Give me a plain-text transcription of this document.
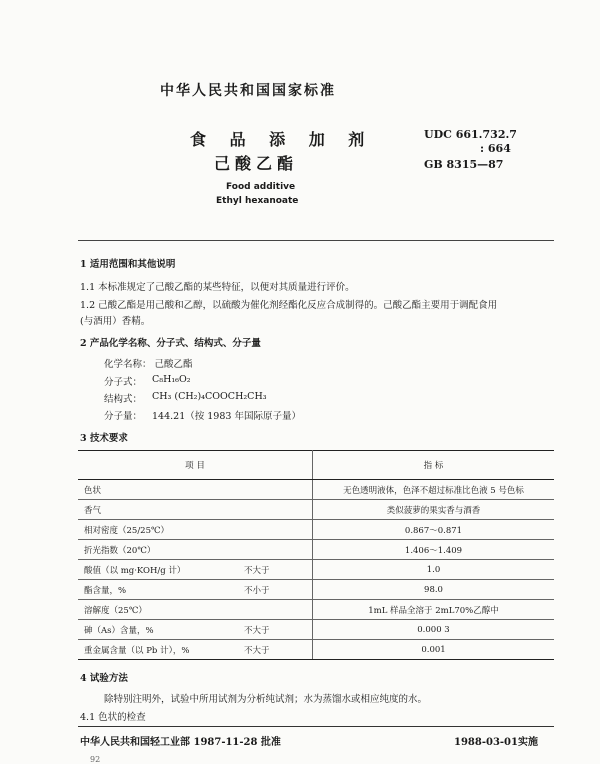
中华人民共和国国家标准
食 品 添 加 剂
己酸乙酯
UDC 661.732.7
: 664
GB 8315—87
Food additive
Ethyl hexanoate
1 适用范围和其他说明
1.1 本标准规定了己酸乙酯的某些特征，以便对其质量进行评价。
1.2 己酸乙酯是用己酸和乙醇，以硫酸为催化剂经酯化反应合成制得的。己酸乙酯主要用于调配食用
(与酒用）香精。
2 产品化学名称、分子式、结构式、分子量
化学名称： 己酸乙酯
分子式： C₈H₁₆O₂
结构式： CH₃ (CH₂)₄COOCH₂CH₃
分子量： 144.21（按 1983 年国际原子量）
3 技术要求
项 目		指 标
色状		无色透明液体，色泽不超过标准比色液 5 号色标
香气		类似菠萝的果实香与酒香
相对密度（25/25℃）		0.867～0.871
折光指数（20℃）		1.406～1.409
酸值（以 mg·KOH/g 计）	不大于	1.0
酯含量，%	不小于	98.0
溶解度（25℃）		1mL 样品全溶于 2mL70%乙醇中
砷（As）含量，%	不大于	0.000 3
重金属含量（以 Pb 计），%	不大于	0.001
4 试验方法
除特别注明外，试验中所用试剂为分析纯试剂；水为蒸馏水或相应纯度的水。
4.1 色状的检查
中华人民共和国轻工业部 1987-11-28 批准	1988-03-01实施
92
